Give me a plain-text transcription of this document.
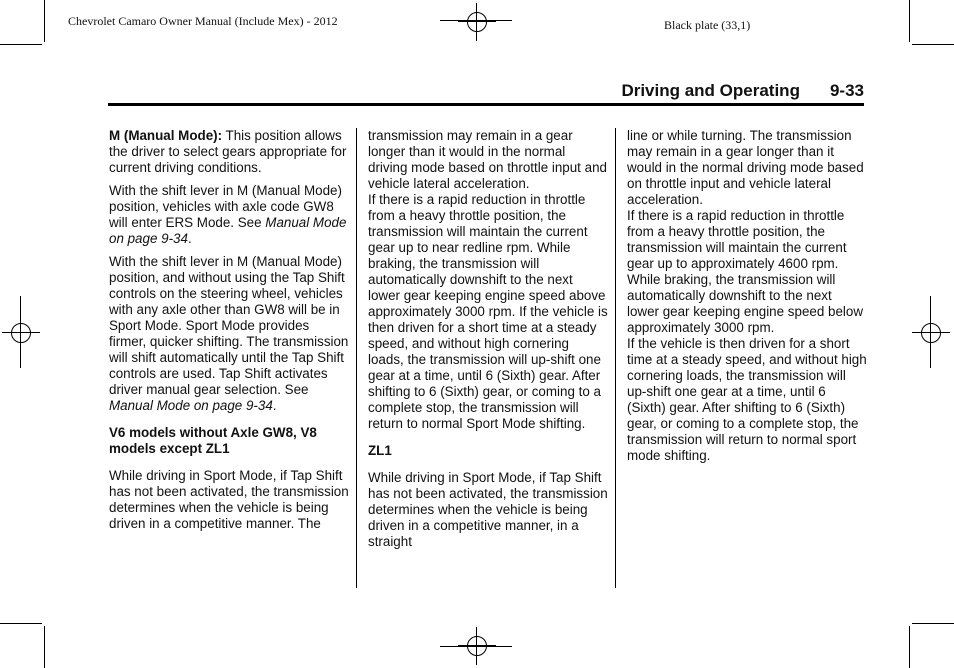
Chevrolet Camaro Owner Manual (Include Mex) - 2012	Black plate (33,1)
Driving and Operating 9-33

M (Manual Mode): This position allows the driver to select gears appropriate for current driving conditions.

With the shift lever in M (Manual Mode) position, vehicles with axle code GW8 will enter ERS Mode. See Manual Mode on page 9-34.

With the shift lever in M (Manual Mode) position, and without using the Tap Shift controls on the steering wheel, vehicles with any axle other than GW8 will be in Sport Mode. Sport Mode provides firmer, quicker shifting. The transmission will shift automatically until the Tap Shift controls are used. Tap Shift activates driver manual gear selection. See Manual Mode on page 9-34.

V6 models without Axle GW8, V8 models except ZL1

While driving in Sport Mode, if Tap Shift has not been activated, the transmission determines when the vehicle is being driven in a competitive manner. The

transmission may remain in a gear longer than it would in the normal driving mode based on throttle input and vehicle lateral acceleration.

If there is a rapid reduction in throttle from a heavy throttle position, the transmission will maintain the current gear up to near redline rpm. While braking, the transmission will automatically downshift to the next lower gear keeping engine speed above approximately 3000 rpm. If the vehicle is then driven for a short time at a steady speed, and without high cornering loads, the transmission will up-shift one gear at a time, until 6 (Sixth) gear. After shifting to 6 (Sixth) gear, or coming to a complete stop, the transmission will return to normal Sport Mode shifting.

ZL1

While driving in Sport Mode, if Tap Shift has not been activated, the transmission determines when the vehicle is being driven in a competitive manner, in a straight

line or while turning. The transmission may remain in a gear longer than it would in the normal driving mode based on throttle input and vehicle lateral acceleration.

If there is a rapid reduction in throttle from a heavy throttle position, the transmission will maintain the current gear up to approximately 4600 rpm. While braking, the transmission will automatically downshift to the next lower gear keeping engine speed below approximately 3000 rpm.

If the vehicle is then driven for a short time at a steady speed, and without high cornering loads, the transmission will up-shift one gear at a time, until 6 (Sixth) gear. After shifting to 6 (Sixth) gear, or coming to a complete stop, the transmission will return to normal sport mode shifting.
